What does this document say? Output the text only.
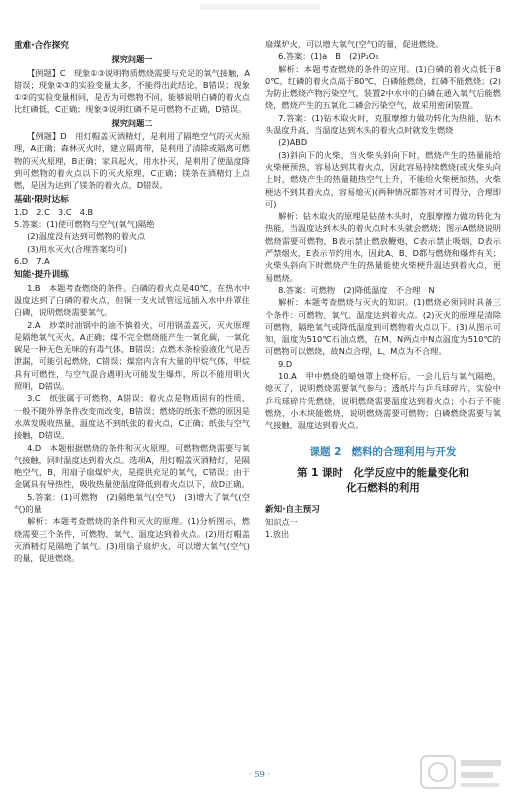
重难·合作探究

探究问题一

【例题】C　现象①③说明物质燃烧需要与充足的氧气接触，A错误；现象②③的实验变量太多，不能得出此结论，B错误；现象①②的实验变量相同，是否为可燃物不同，能够说明白磷的着火点比红磷低，C正确；现象③说明红磷不是可燃物不正确，D错误。

探究问题二

【例题】D　用灯帽盖灭酒精灯，是利用了隔绝空气的灭火原理，A正确；森林灭火时，建立隔离带，是利用了清除或隔离可燃物的灭火原理，B正确；家具起火，用水扑灭，是利用了使温度降到可燃物的着火点以下的灭火原理，C正确；镁条在酒精灯上点燃，是因为达到了镁条的着火点，D错误。

基础·限时达标

1.D　2.C　3.C　4.B

5.答案：(1)使可燃物与空气(氧气)隔绝

(2)温度没有达到可燃物的着火点

(3)用水灭火(合理答案均可)

6.D　7.A

知能·提升训练

1.B　本题考查燃烧的条件。白磷的着火点是40℃，在热水中温度达到了白磷的着火点，但铜一支火试管远远插入水中并罩住白磷，说明燃烧需要氧气。

2.A　炒菜时油锅中的油不慎着火，可用锅盖盖灭，灭火原理是隔绝氧气灭火，A正确；煤不完全燃烧能产生一氧化碳，一氧化碳是一种无色无味的有毒气体，B错误；点燃木条检验液化气是否泄漏，可能引起燃烧，C错误；煤窑内含有大量的甲烷气体，甲烷具有可燃性，与空气混合遇明火可能发生爆炸，所以不能用明火照明，D错误。

3.C　纸张属于可燃物，A错误；着火点是物质固有的性质，一般不随外界条件改变而改变，B错误；燃烧的纸张不燃的原因是水蒸发吸收热量，温度达不到纸张的着火点，C正确；纸张与空气接触，D错误。

4.D　本题根据燃烧的条件和灭火原理，可燃物燃烧需要与氧气接触，同时温度达到着火点。选项A，用灯帽盖灭酒精灯，是隔绝空气，B，用扇子扇煤炉火，是提供充足的氧气，C错误；由于金属具有导热性，吸收热量使温度降低到着火点以下，故D正确。

5.答案：(1)可燃物　(2)隔绝氧气(空气)　(3)增大了氧气(空气)的量

解析：本题考查燃烧的条件和灭火的原理。(1)分析图示，燃烧需要三个条件，可燃物、氧气、温度达到着火点。(2)用灯帽盖灭酒精灯是隔绝了氧气。(3)用扇子扇炉火，可以增大氧气(空气)的量，促进燃烧。

扇煤炉火，可以增大氧气(空气)的量，促进燃烧。

6.答案：(1)a　B　(2)P₂O₅

解析：本题考查燃烧的条件的应用。(1)白磷的着火点低于80℃，红磷的着火点高于80℃，白磷能燃烧，红磷不能燃烧；(2)为防止燃烧产物污染空气，装置2中水中的白磷在通入氧气后能燃烧，燃烧产生的五氧化二磷会污染空气，故采用密闭装置。

7.答案：(1)钻木取火时，克服摩擦力做功转化为热能，钻木头温度升高，当温度达到木头的着火点时就发生燃烧

(2)ABD

(3)斜向下的火柴，当火柴头斜向下时，燃烧产生的热量能给火柴梗预热，容易达到其着火点，因此容易持续燃烧(或火柴头向上时，燃烧产生的热量随热空气上升，不能给火柴梗加热，火柴梗达不到其着火点，容易熄灭)(两种情况都答对才可得分，合理即可)

解析：钻木取火的原理是钻凿木头时，克服摩擦力做功转化为热能，当温度达到木头的着火点时木头就会燃烧；图示A燃烧说明燃烧需要可燃物，B表示禁止燃放鞭炮，C表示禁止吸烟，D表示严禁烟火，E表示节约用水，因此A、B、D都与燃烧和爆炸有关；火柴头斜向下时燃烧产生的热量能使火柴梗升温达到着火点，更易燃烧。

8.答案：可燃物　(2)降低温度　不合理　N

解析：本题考查燃烧与灭火的知识。(1)燃烧必须同时具备三个条件：可燃物、氧气、温度达到着火点。(2)灭火的原理是清除可燃物，隔绝氧气或降低温度到可燃物着火点以下。(3)从图示可知，温度为510℃石油点燃，在M、N两点中N点温度为510℃的可燃物可以燃烧，故N点合理，L、M点为不合理。

9.D

10.A　甲中燃烧的蜡烛罩上烧杯后，一会儿后与氧气隔绝，熄灭了，说明燃烧需要氧气参与；透纸片与乒乓球碎片，实验中乒乓球碎片先燃烧，说明燃烧需要温度达到着火点；小石子不能燃烧，小木块能燃烧，说明燃烧需要可燃物；白磷燃烧需要与氧气接触，温度达到着火点。

课题 2 燃料的合理利用与开发
第 1 课时　化学反应中的能量变化和
化石燃料的利用

新知·自主预习

知识点一

1.放出

· 59 ·
